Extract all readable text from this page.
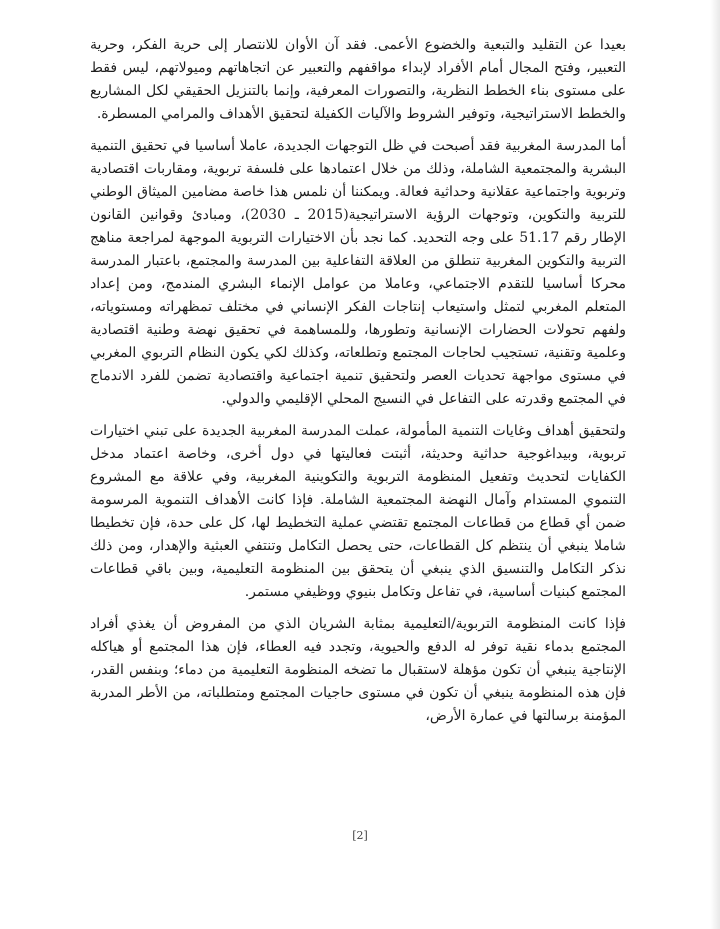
بعيدا عن التقليد والتبعية والخضوع الأعمى. فقد آن الأوان للانتصار إلى حرية الفكر، وحرية التعبير، وفتح المجال أمام الأفراد لإبداء مواقفهم والتعبير عن اتجاهاتهم وميولاتهم، ليس فقط على مستوى بناء الخطط النظرية، والتصورات المعرفية، وإنما بالتنزيل الحقيقي لكل المشاريع والخطط الاستراتيجية، وتوفير الشروط والآليات الكفيلة لتحقيق الأهداف والمرامي المسطرة.

أما المدرسة المغربية فقد أصبحت في ظل التوجهات الجديدة، عاملا أساسيا في تحقيق التنمية البشرية والمجتمعية الشاملة، وذلك من خلال اعتمادها على فلسفة تربوية، ومقاربات اقتصادية وتربوية واجتماعية عقلانية وحداثية فعالة. ويمكننا أن نلمس هذا خاصة مضامين الميثاق الوطني للتربية والتكوين، وتوجهات الرؤية الاستراتيجية(2015 ـ 2030)، ومبادئ وقوانين القانون الإطار رقم 51.17 على وجه التحديد. كما نجد بأن الاختيارات التربوية الموجهة لمراجعة مناهج التربية والتكوين المغربية تنطلق من العلاقة التفاعلية بين المدرسة والمجتمع، باعتبار المدرسة محركا أساسيا للتقدم الاجتماعي، وعاملا من عوامل الإنماء البشري المندمج، ومن إعداد المتعلم المغربي لتمثل واستيعاب إنتاجات الفكر الإنساني في مختلف تمظهراته ومستوياته، ولفهم تحولات الحضارات الإنسانية وتطورها، وللمساهمة في تحقيق نهضة وطنية اقتصادية وعلمية وتقنية، تستجيب لحاجات المجتمع وتطلعاته، وكذلك لكي يكون النظام التربوي المغربي في مستوى مواجهة تحديات العصر ولتحقيق تنمية اجتماعية واقتصادية تضمن للفرد الاندماج في المجتمع وقدرته على التفاعل في النسيج المحلي الإقليمي والدولي.

ولتحقيق أهداف وغايات التنمية المأمولة، عملت المدرسة المغربية الجديدة على تبني اختيارات تربوية، وبيداغوجية حداثية وحديثة، أثبتت فعاليتها في دول أخرى، وخاصة اعتماد مدخل الكفايات لتحديث وتفعيل المنظومة التربوية والتكوينية المغربية، وفي علاقة مع المشروع التنموي المستدام وآمال النهضة المجتمعية الشاملة. فإذا كانت الأهداف التنموية المرسومة ضمن أي قطاع من قطاعات المجتمع تقتضي عملية التخطيط لها، كل على حدة، فإن تخطيطا شاملا ينبغي أن ينتظم كل القطاعات، حتى يحصل التكامل وتنتفي العبثية والإهدار، ومن ذلك نذكر التكامل والتنسيق الذي ينبغي أن يتحقق بين المنظومة التعليمية، وبين باقي قطاعات المجتمع كبنيات أساسية، في تفاعل وتكامل بنيوي ووظيفي مستمر.

فإذا كانت المنظومة التربوية/التعليمية بمثابة الشريان الذي من المفروض أن يغذي أفراد المجتمع بدماء نقية توفر له الدفع والحيوية، وتجدد فيه العطاء، فإن هذا المجتمع أو هياكله الإنتاجية ينبغي أن تكون مؤهلة لاستقبال ما تضخه المنظومة التعليمية من دماء؛ وبنفس القدر، فإن هذه المنظومة ينبغي أن تكون في مستوى حاجيات المجتمع ومتطلباته، من الأطر المدربة المؤمنة برسالتها في عمارة الأرض،

[2]
